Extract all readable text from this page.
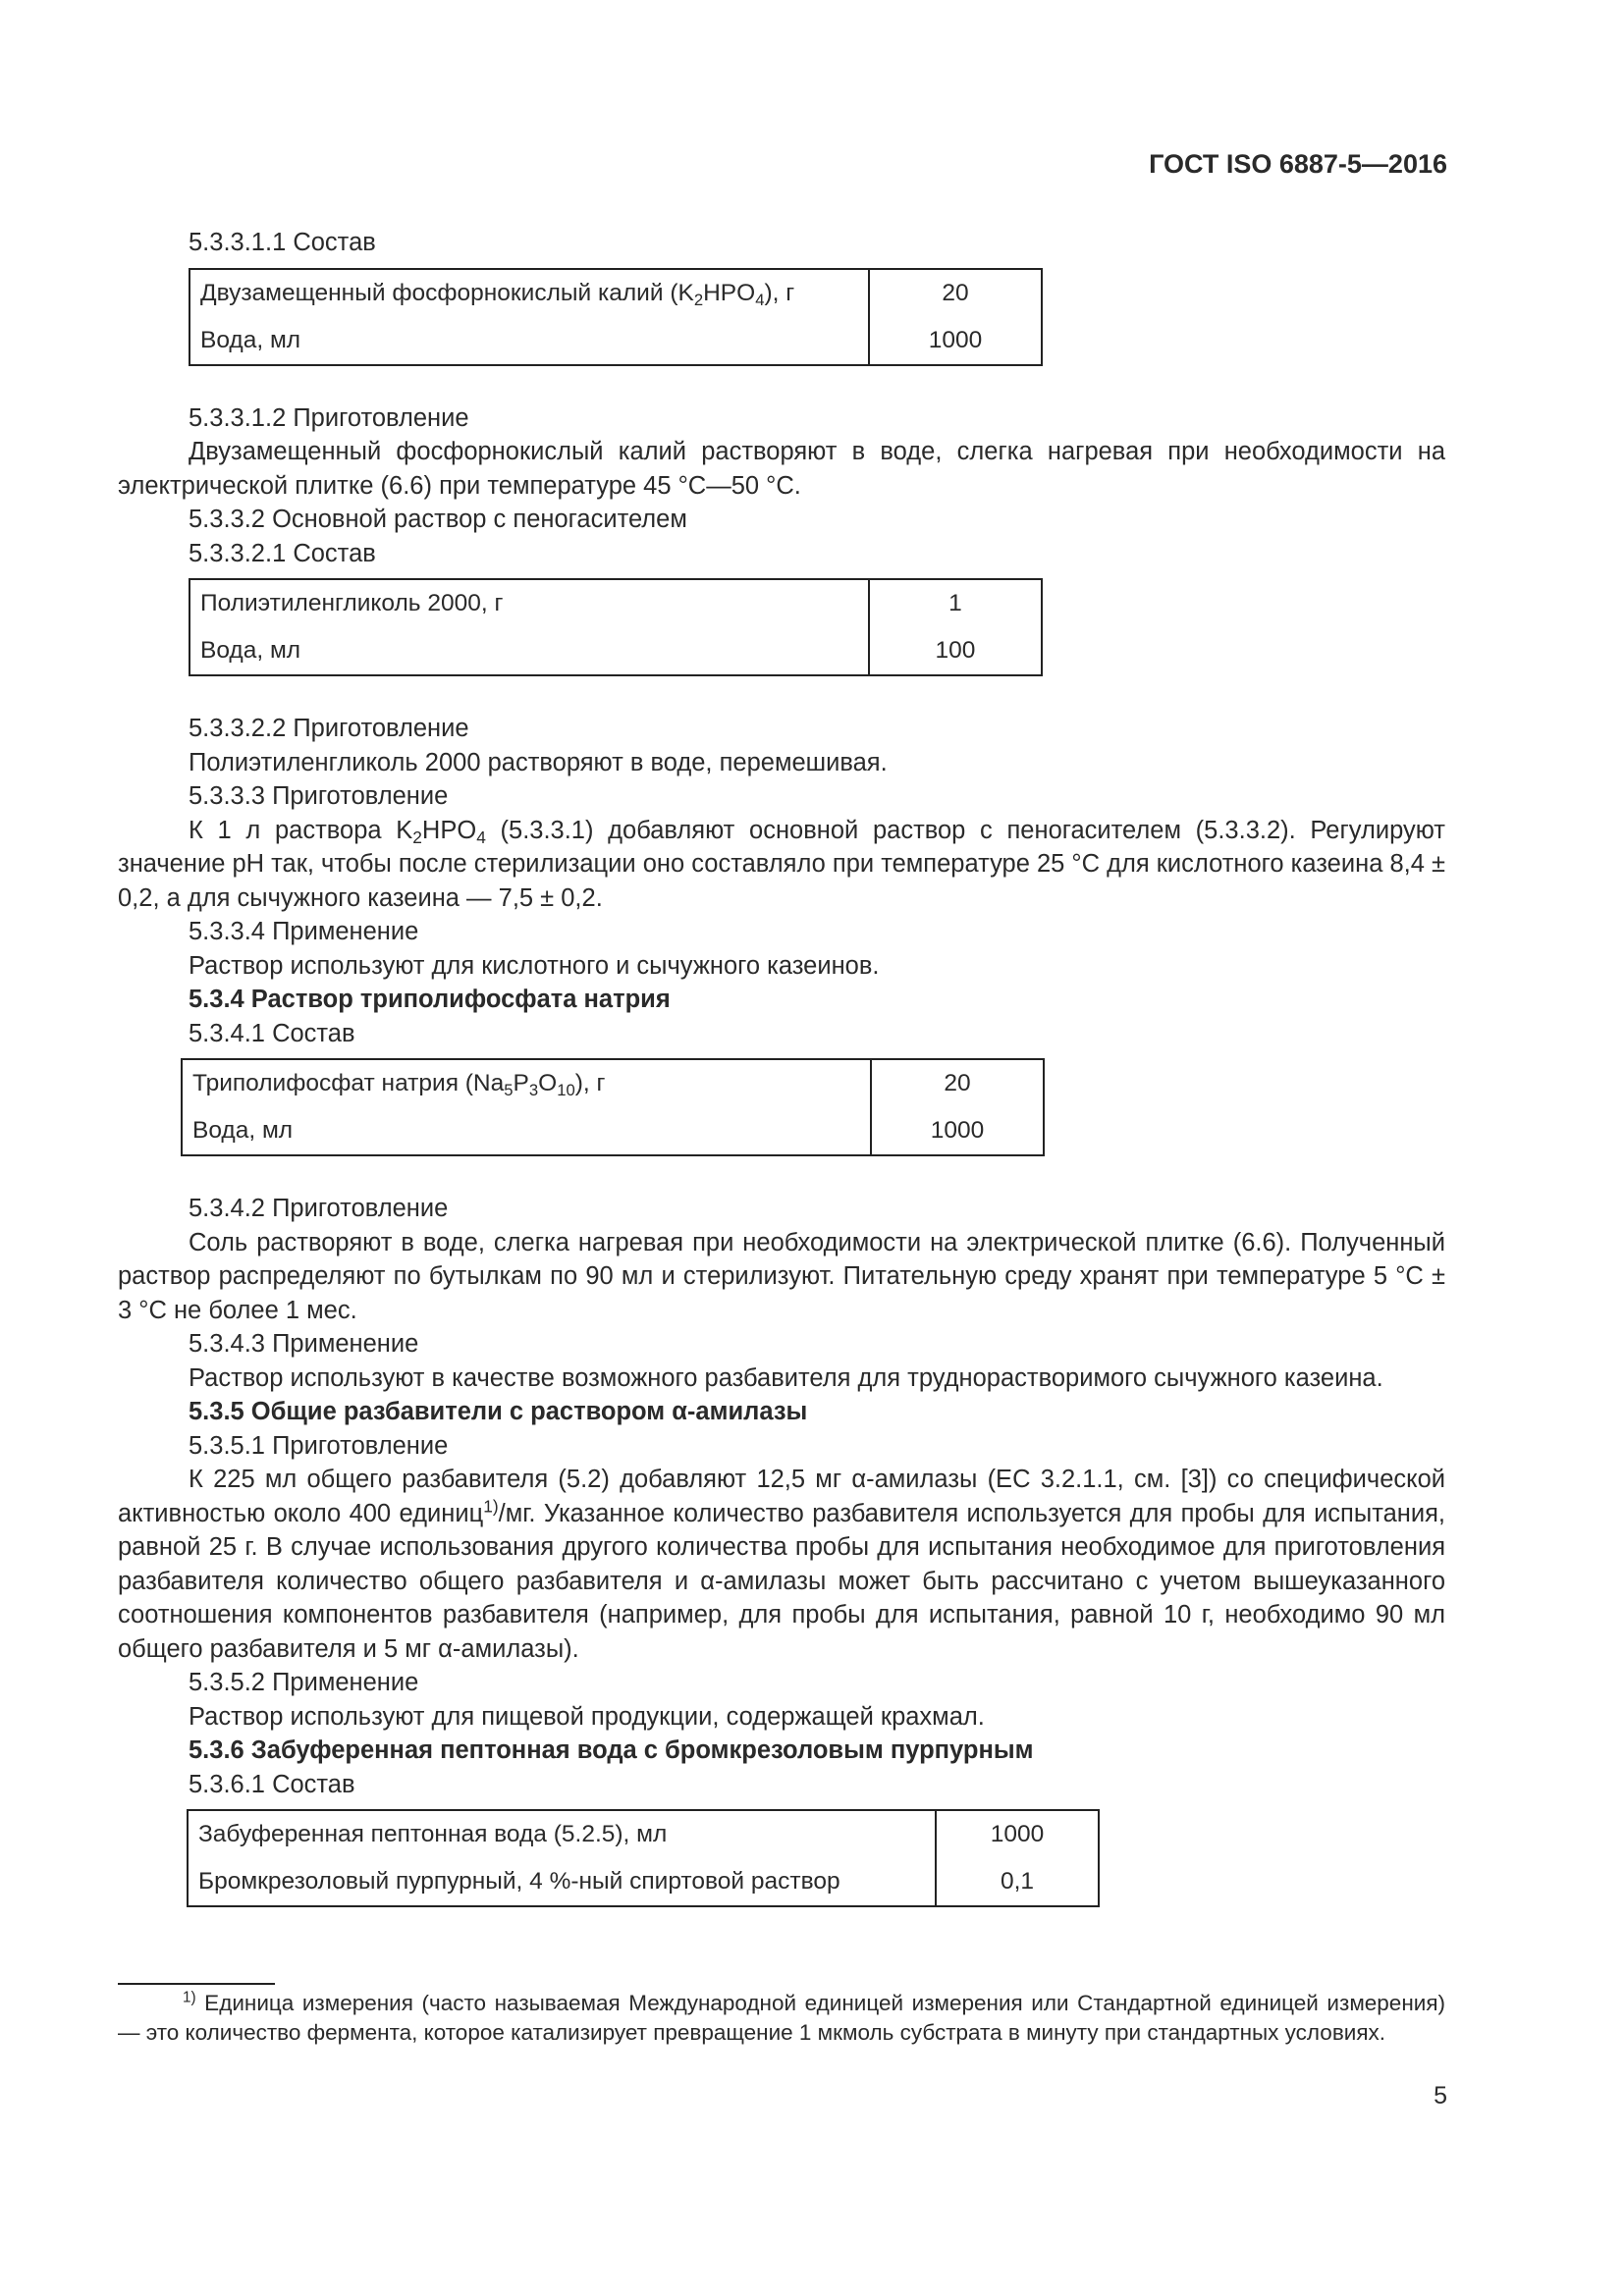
ГОСТ ISO 6887-5—2016

5.3.3.1.1 Состав

Двузамещенный фосфорнокислый калий $(K_2HPO_4)$, г	20
Вода, мл	1000

5.3.3.1.2 Приготовление

Двузамещенный фосфорнокислый калий растворяют в воде, слегка нагревая при необходимости на электрической плитке (6.6) при температуре 45 °C—50 °C.

5.3.3.2 Основной раствор с пеногасителем

5.3.3.2.1 Состав

Полиэтиленгликоль 2000, г	1
Вода, мл	100

5.3.3.2.2 Приготовление

Полиэтиленгликоль 2000 растворяют в воде, перемешивая.

5.3.3.3 Приготовление

К 1 л раствора $K_2HPO_4$ (5.3.3.1) добавляют основной раствор с пеногасителем (5.3.3.2). Регулируют значение pH так, чтобы после стерилизации оно составляло при температуре 25 °C для кислотного казеина 8,4 ± 0,2, а для сычужного казеина — 7,5 ± 0,2.

5.3.3.4 Применение

Раствор используют для кислотного и сычужного казеинов.

5.3.4 Раствор триполифосфата натрия

5.3.4.1 Состав

Триполифосфат натрия $(Na_5P_3O_{10})$, г	20
Вода, мл	1000

5.3.4.2 Приготовление

Соль растворяют в воде, слегка нагревая при необходимости на электрической плитке (6.6). Полученный раствор распределяют по бутылкам по 90 мл и стерилизуют. Питательную среду хранят при температуре 5 °C ± 3 °C не более 1 мес.

5.3.4.3 Применение

Раствор используют в качестве возможного разбавителя для труднорастворимого сычужного казеина.

5.3.5 Общие разбавители с раствором α-амилазы

5.3.5.1 Приготовление

К 225 мл общего разбавителя (5.2) добавляют 12,5 мг α-амилазы (EC 3.2.1.1, см. [3]) со специфической активностью около 400 единиц$^{1)}$/мг. Указанное количество разбавителя используется для пробы для испытания, равной 25 г. В случае использования другого количества пробы для испытания необходимое для приготовления разбавителя количество общего разбавителя и α-амилазы может быть рассчитано с учетом вышеуказанного соотношения компонентов разбавителя (например, для пробы для испытания, равной 10 г, необходимо 90 мл общего разбавителя и 5 мг α-амилазы).

5.3.5.2 Применение

Раствор используют для пищевой продукции, содержащей крахмал.

5.3.6 Забуференная пептонная вода с бромкрезоловым пурпурным

5.3.6.1 Состав

Забуференная пептонная вода (5.2.5), мл	1000
Бромкрезоловый пурпурный, 4 %-ный спиртовой раствор	0,1

$^{1)}$ Единица измерения (часто называемая Международной единицей измерения или Стандартной единицей измерения) — это количество фермента, которое катализирует превращение 1 мкмоль субстрата в минуту при стандартных условиях.

5
